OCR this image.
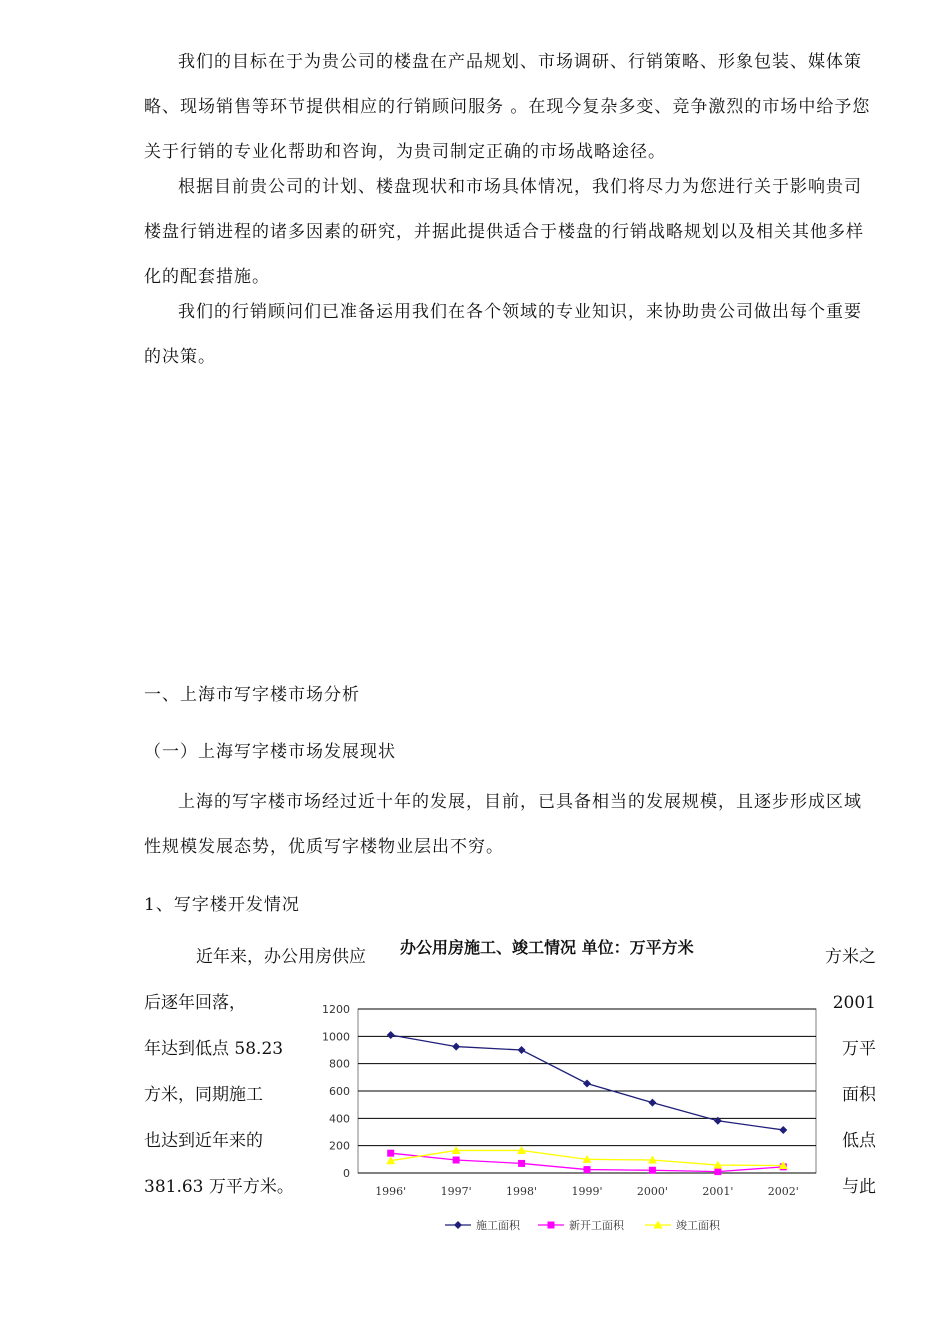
我们的目标在于为贵公司的楼盘在产品规划、市场调研、行销策略、形象包装、媒体策略、现场销售等环节提供相应的行销顾问服务 。在现今复杂多变、竞争激烈的市场中给予您关于行销的专业化帮助和咨询，为贵司制定正确的市场战略途径。

根据目前贵公司的计划、楼盘现状和市场具体情况，我们将尽力为您进行关于影响贵司楼盘行销进程的诸多因素的研究，并据此提供适合于楼盘的行销战略规划以及相关其他多样化的配套措施。

我们的行销顾问们已准备运用我们在各个领域的专业知识，来协助贵公司做出每个重要的决策。

一、上海市写字楼市场分析

（一）上海写字楼市场发展现状

上海的写字楼市场经过近十年的发展，目前，已具备相当的发展规模，且逐步形成区域性规模发展态势，优质写字楼物业层出不穷。

1、写字楼开发情况

近年来，办公用房供应
后逐年回落，
年达到低点 58.23
方米，同期施工
也达到近年来的
381.63 万平方米。
方米之
2001
万平
面积
低点
与此
办公用房施工、竣工情况 单位：万平方米
0
200
400
600
800
1000
1200
1996'	1997'	1998'	1999'	2000'	2001'	2002'
施工面积	新开工面积	竣工面积
